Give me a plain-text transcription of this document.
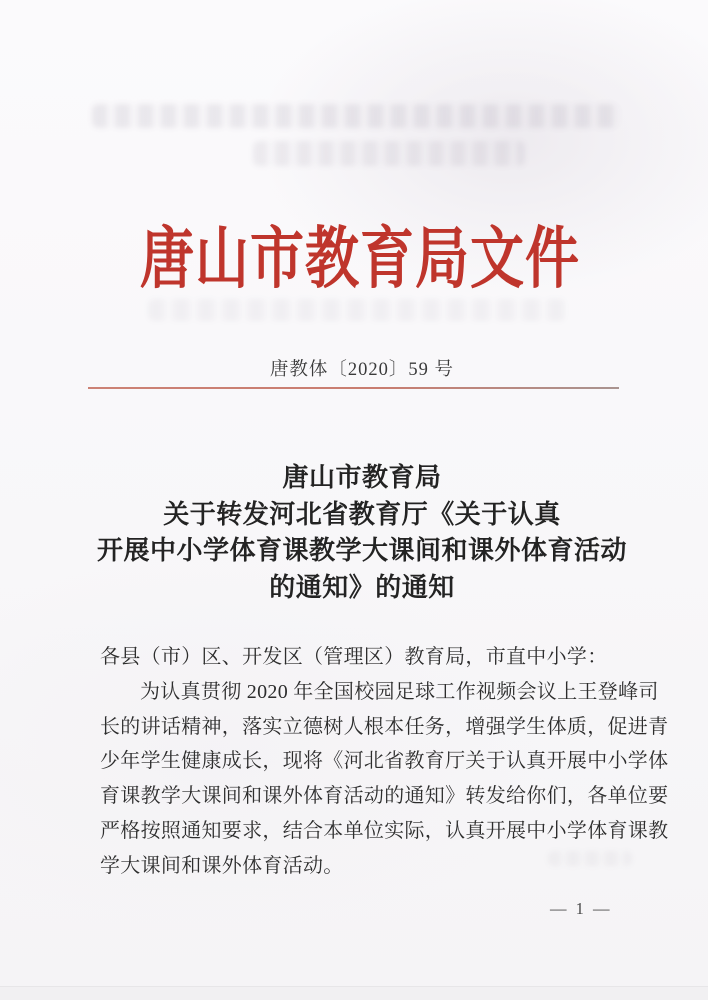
唐山市教育局文件
唐教体〔2020〕59 号
唐山市教育局
关于转发河北省教育厅《关于认真
开展中小学体育课教学大课间和课外体育活动
的通知》的通知
各县（市）区、开发区（管理区）教育局，市直中小学：
为认真贯彻 2020 年全国校园足球工作视频会议上王登峰司
长的讲话精神，落实立德树人根本任务，增强学生体质，促进青
少年学生健康成长，现将《河北省教育厅关于认真开展中小学体
育课教学大课间和课外体育活动的通知》转发给你们，各单位要
严格按照通知要求，结合本单位实际，认真开展中小学体育课教
学大课间和课外体育活动。
— 1 —
